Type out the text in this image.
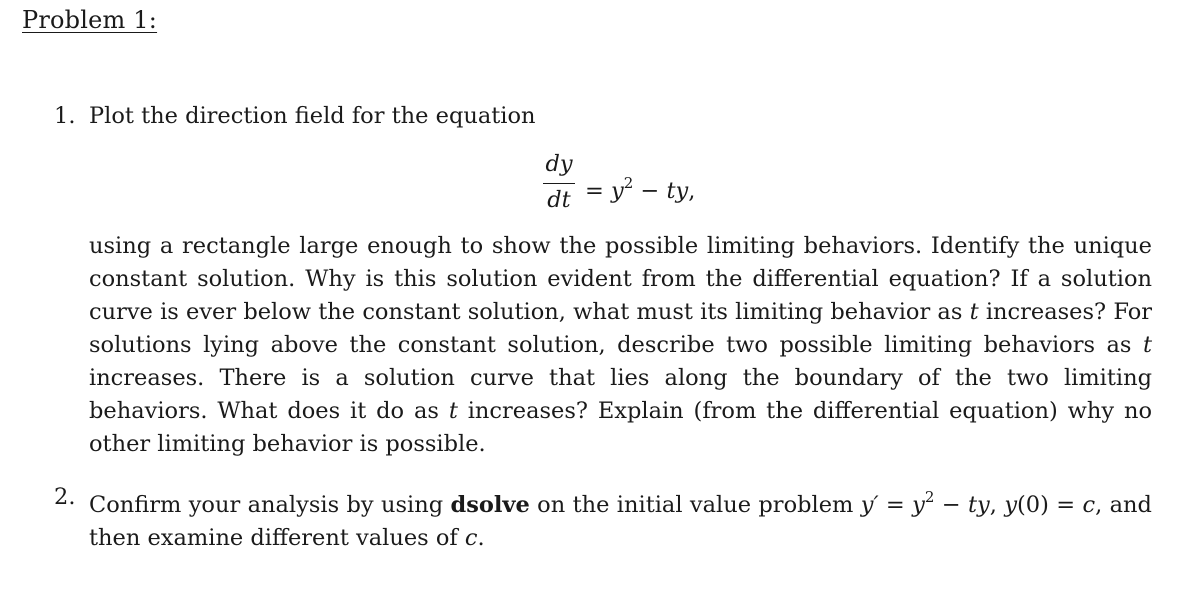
Problem 1:
1. Plot the direction field for the equation
dy
dt = $y^2$ − ty,
using a rectangle large enough to show the possible limiting behaviors. Identify the unique constant solution. Why is this solution evident from the differential equation? If a solution curve is ever below the constant solution, what must its limiting behavior as t increases? For solutions lying above the constant solution, describe two possible limiting behaviors as t increases. There is a solution curve that lies along the boundary of the two limiting behaviors. What does it do as t increases? Explain (from the differential equation) why no other limiting behavior is possible.
2. Confirm your analysis by using dsolve on the initial value problem $y' = y^2$ − ty, y(0) = c, and then examine different values of c.
